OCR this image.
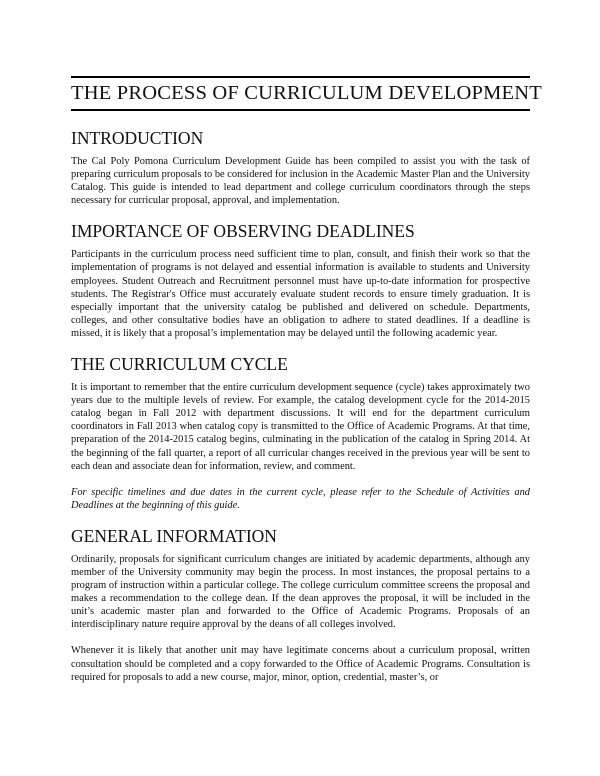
THE PROCESS OF CURRICULUM DEVELOPMENT
INTRODUCTION

The Cal Poly Pomona Curriculum Development Guide has been compiled to assist you with the task of preparing curriculum proposals to be considered for inclusion in the Academic Master Plan and the University Catalog. This guide is intended to lead department and college curriculum coordinators through the steps necessary for curricular proposal, approval, and implementation.

IMPORTANCE OF OBSERVING DEADLINES

Participants in the curriculum process need sufficient time to plan, consult, and finish their work so that the implementation of programs is not delayed and essential information is available to students and University employees. Student Outreach and Recruitment personnel must have up-to-date information for prospective students. The Registrar's Office must accurately evaluate student records to ensure timely graduation. It is especially important that the university catalog be published and delivered on schedule. Departments, colleges, and other consultative bodies have an obligation to adhere to stated deadlines. If a deadline is missed, it is likely that a proposal’s implementation may be delayed until the following academic year.

THE CURRICULUM CYCLE

It is important to remember that the entire curriculum development sequence (cycle) takes approximately two years due to the multiple levels of review. For example, the catalog development cycle for the 2014-2015 catalog began in Fall 2012 with department discussions. It will end for the department curriculum coordinators in Fall 2013 when catalog copy is transmitted to the Office of Academic Programs. At that time, preparation of the 2014-2015 catalog begins, culminating in the publication of the catalog in Spring 2014. At the beginning of the fall quarter, a report of all curricular changes received in the previous year will be sent to each dean and associate dean for information, review, and comment.

For specific timelines and due dates in the current cycle, please refer to the Schedule of Activities and Deadlines at the beginning of this guide.

GENERAL INFORMATION

Ordinarily, proposals for significant curriculum changes are initiated by academic departments, although any member of the University community may begin the process. In most instances, the proposal pertains to a program of instruction within a particular college. The college curriculum committee screens the proposal and makes a recommendation to the college dean. If the dean approves the proposal, it will be included in the unit’s academic master plan and forwarded to the Office of Academic Programs. Proposals of an interdisciplinary nature require approval by the deans of all colleges involved.

Whenever it is likely that another unit may have legitimate concerns about a curriculum proposal, written consultation should be completed and a copy forwarded to the Office of Academic Programs. Consultation is required for proposals to add a new course, major, minor, option, credential, master’s, or
